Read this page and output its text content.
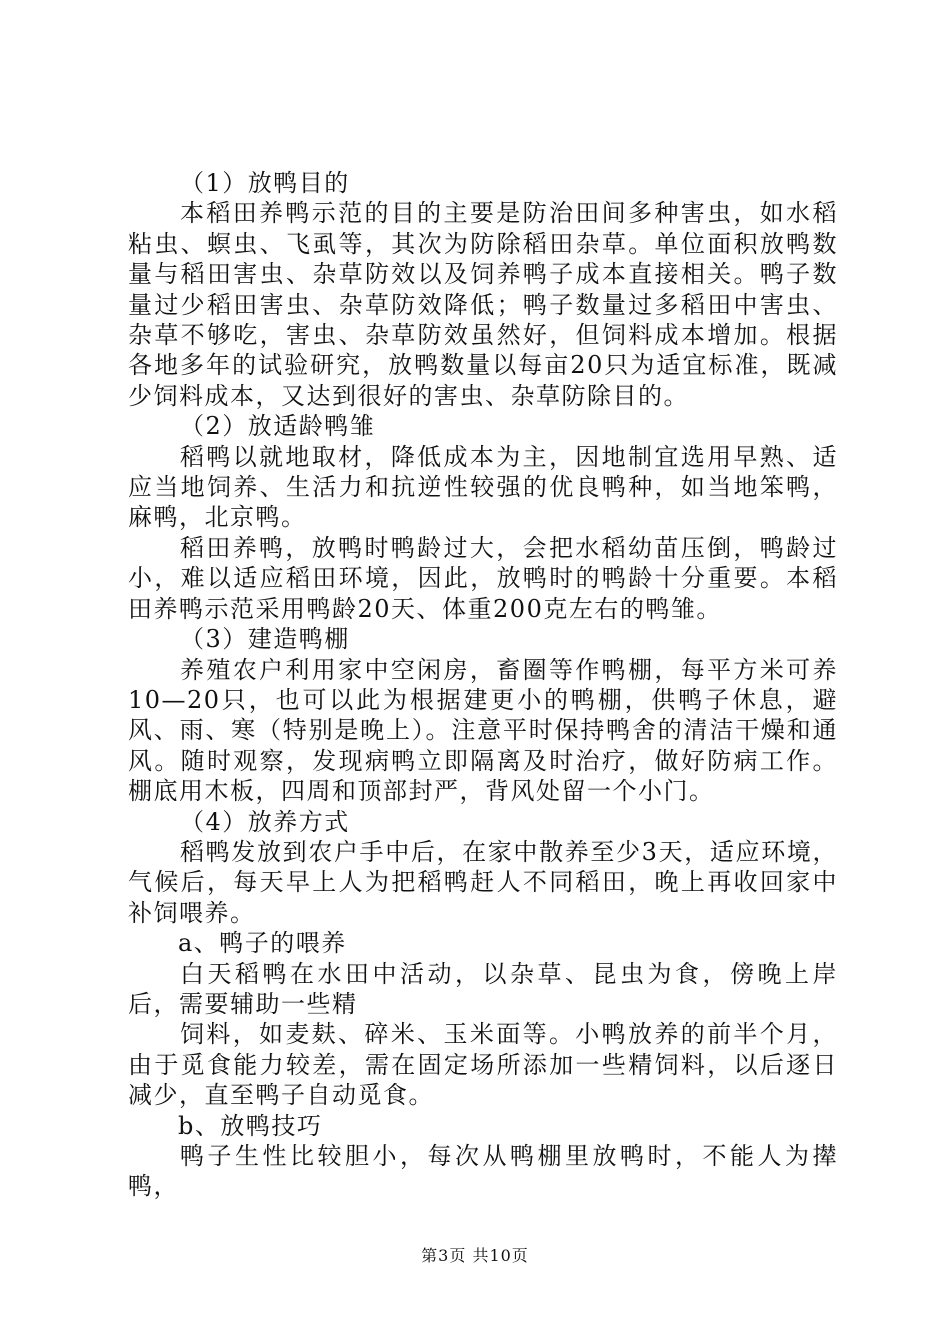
（1）放鸭目的

本稻田养鸭示范的目的主要是防治田间多种害虫，如水稻粘虫、螟虫、飞虱等，其次为防除稻田杂草。单位面积放鸭数量与稻田害虫、杂草防效以及饲养鸭子成本直接相关。鸭子数量过少稻田害虫、杂草防效降低；鸭子数量过多稻田中害虫、杂草不够吃，害虫、杂草防效虽然好，但饲料成本增加。根据各地多年的试验研究，放鸭数量以每亩20只为适宜标准，既减少饲料成本，又达到很好的害虫、杂草防除目的。

（2）放适龄鸭雏

稻鸭以就地取材，降低成本为主，因地制宜选用早熟、适应当地饲养、生活力和抗逆性较强的优良鸭种，如当地笨鸭，麻鸭，北京鸭。

稻田养鸭，放鸭时鸭龄过大，会把水稻幼苗压倒，鸭龄过小，难以适应稻田环境，因此，放鸭时的鸭龄十分重要。本稻田养鸭示范采用鸭龄20天、体重200克左右的鸭雏。

（3）建造鸭棚

养殖农户利用家中空闲房，畜圈等作鸭棚，每平方米可养10—20只，也可以此为根据建更小的鸭棚，供鸭子休息，避风、雨、寒（特别是晚上）。注意平时保持鸭舍的清洁干燥和通风。随时观察，发现病鸭立即隔离及时治疗，做好防病工作。棚底用木板，四周和顶部封严，背风处留一个小门。

（4）放养方式

稻鸭发放到农户手中后，在家中散养至少3天，适应环境，气候后，每天早上人为把稻鸭赶人不同稻田，晚上再收回家中补饲喂养。

a、鸭子的喂养

白天稻鸭在水田中活动，以杂草、昆虫为食，傍晚上岸后，需要辅助一些精

饲料，如麦麸、碎米、玉米面等。小鸭放养的前半个月，由于觅食能力较差，需在固定场所添加一些精饲料，以后逐日减少，直至鸭子自动觅食。

b、放鸭技巧

鸭子生性比较胆小，每次从鸭棚里放鸭时，不能人为撵鸭，

第3页 共10页
